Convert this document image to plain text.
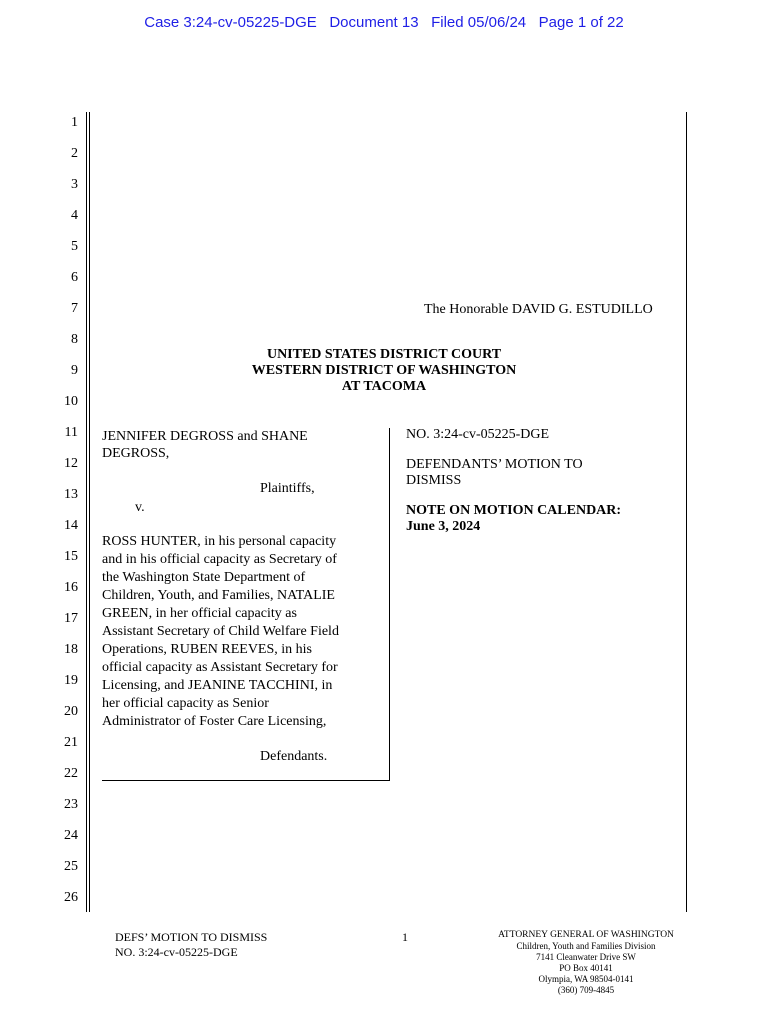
Case 3:24-cv-05225-DGE Document 13 Filed 05/06/24 Page 1 of 22
1
2
3
4
5
6
7
8
9
10
11
12
13
14
15
16
17
18
19
20
21
22
23
24
25
26
The Honorable DAVID G. ESTUDILLO
UNITED STATES DISTRICT COURT
WESTERN DISTRICT OF WASHINGTON
AT TACOMA
JENNIFER DEGROSS and SHANE
DEGROSS,
Plaintiffs,
v.
ROSS HUNTER, in his personal capacity
and in his official capacity as Secretary of
the Washington State Department of
Children, Youth, and Families, NATALIE
GREEN, in her official capacity as
Assistant Secretary of Child Welfare Field
Operations, RUBEN REEVES, in his
official capacity as Assistant Secretary for
Licensing, and JEANINE TACCHINI, in
her official capacity as Senior
Administrator of Foster Care Licensing,
Defendants.
NO. 3:24-cv-05225-DGE
DEFENDANTS’ MOTION TO
DISMISS
NOTE ON MOTION CALENDAR:
June 3, 2024
DEFS’ MOTION TO DISMISS
NO. 3:24-cv-05225-DGE
1	ATTORNEY GENERAL OF WASHINGTON
Children, Youth and Families Division
7141 Cleanwater Drive SW
PO Box 40141
Olympia, WA 98504-0141
(360) 709-4845
